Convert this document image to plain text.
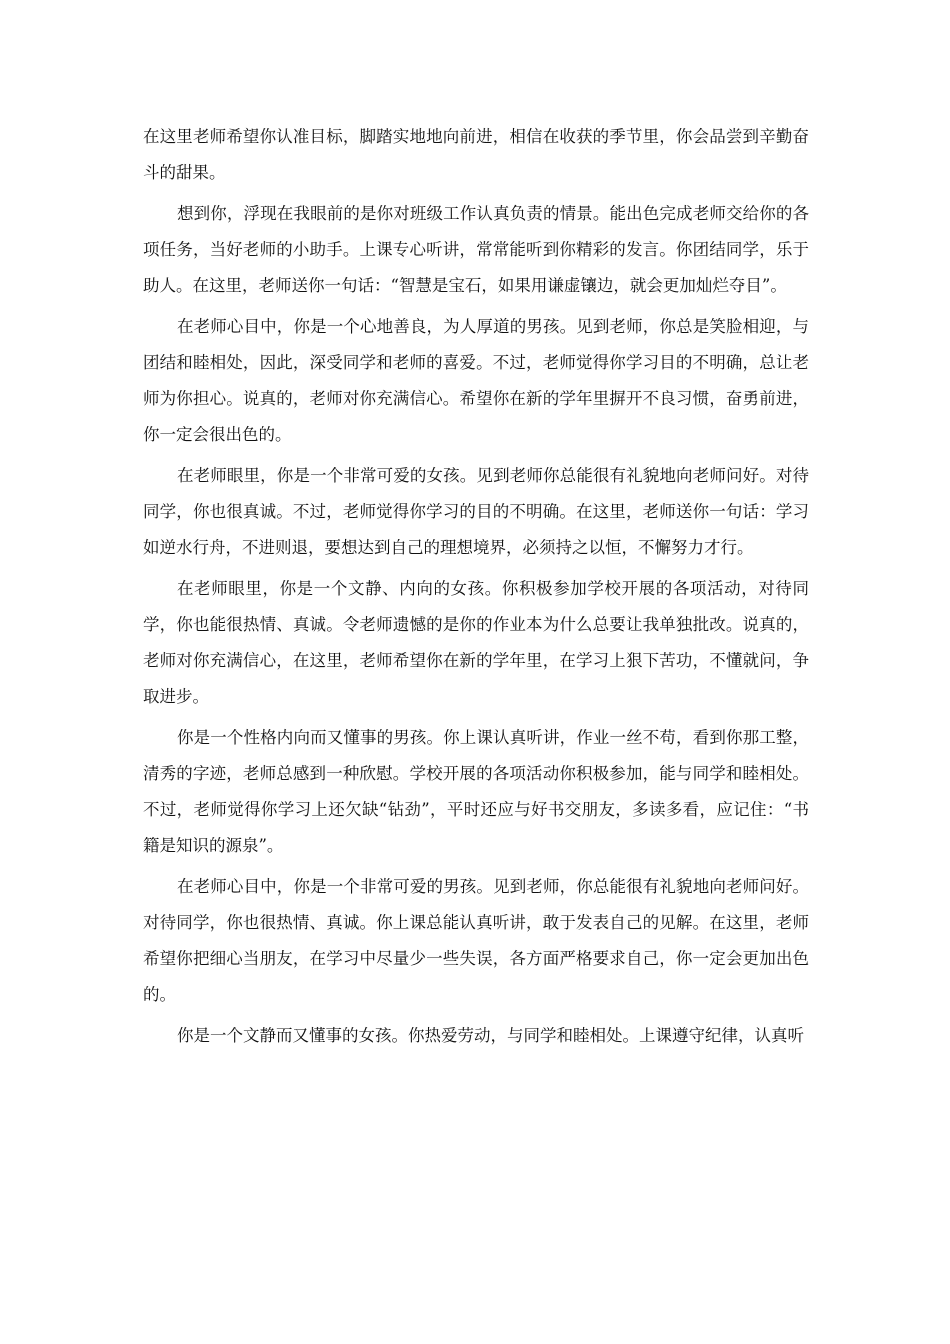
在这里老师希望你认准目标，脚踏实地地向前进，相信在收获的季节里，你会品尝到辛勤奋斗的甜果。

想到你，浮现在我眼前的是你对班级工作认真负责的情景。能出色完成老师交给你的各项任务，当好老师的小助手。上课专心听讲，常常能听到你精彩的发言。你团结同学，乐于助人。在这里，老师送你一句话：“智慧是宝石，如果用谦虚镶边，就会更加灿烂夺目”。

在老师心目中，你是一个心地善良，为人厚道的男孩。见到老师，你总是笑脸相迎，与团结和睦相处，因此，深受同学和老师的喜爱。不过，老师觉得你学习目的不明确，总让老师为你担心。说真的，老师对你充满信心。希望你在新的学年里摒开不良习惯，奋勇前进，你一定会很出色的。

在老师眼里，你是一个非常可爱的女孩。见到老师你总能很有礼貌地向老师问好。对待同学，你也很真诚。不过，老师觉得你学习的目的不明确。在这里，老师送你一句话：学习如逆水行舟，不进则退，要想达到自己的理想境界，必须持之以恒，不懈努力才行。

在老师眼里，你是一个文静、内向的女孩。你积极参加学校开展的各项活动，对待同学，你也能很热情、真诚。令老师遗憾的是你的作业本为什么总要让我单独批改。说真的，老师对你充满信心，在这里，老师希望你在新的学年里，在学习上狠下苦功，不懂就问，争取进步。

你是一个性格内向而又懂事的男孩。你上课认真听讲，作业一丝不苟，看到你那工整，清秀的字迹，老师总感到一种欣慰。学校开展的各项活动你积极参加，能与同学和睦相处。不过，老师觉得你学习上还欠缺“钻劲”，平时还应与好书交朋友，多读多看，应记住：“书籍是知识的源泉”。

在老师心目中，你是一个非常可爱的男孩。见到老师，你总能很有礼貌地向老师问好。对待同学，你也很热情、真诚。你上课总能认真听讲，敢于发表自己的见解。在这里，老师希望你把细心当朋友，在学习中尽量少一些失误，各方面严格要求自己，你一定会更加出色的。

你是一个文静而又懂事的女孩。你热爱劳动，与同学和睦相处。上课遵守纪律，认真听
